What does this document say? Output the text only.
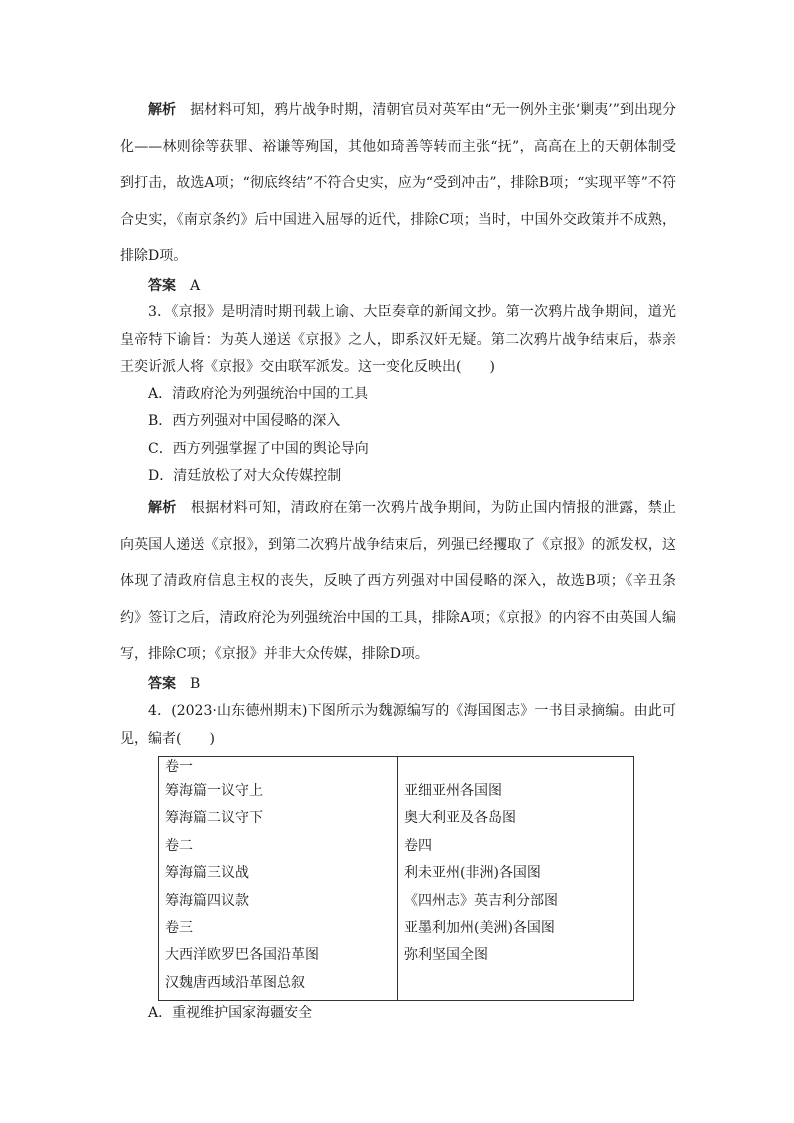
解析 据材料可知，鸦片战争时期，清朝官员对英军由“无一例外主张‘剿夷’”到出现分化——林则徐等获罪、裕谦等殉国，其他如琦善等转而主张“抚”，高高在上的天朝体制受到打击，故选A项；“彻底终结”不符合史实，应为“受到冲击”，排除B项；“实现平等”不符合史实，《南京条约》后中国进入屈辱的近代，排除C项；当时，中国外交政策并不成熟，排除D项。

答案 A

3．《京报》是明清时期刊载上谕、大臣奏章的新闻文抄。第一次鸦片战争期间，道光皇帝特下谕旨：为英人递送《京报》之人，即系汉奸无疑。第二次鸦片战争结束后，恭亲王奕䜣派人将《京报》交由联军派发。这一变化反映出(　　)

A．清政府沦为列强统治中国的工具

B．西方列强对中国侵略的深入

C．西方列强掌握了中国的舆论导向

D．清廷放松了对大众传媒控制

解析 根据材料可知，清政府在第一次鸦片战争期间，为防止国内情报的泄露，禁止向英国人递送《京报》，到第二次鸦片战争结束后，列强已经攫取了《京报》的派发权，这体现了清政府信息主权的丧失，反映了西方列强对中国侵略的深入，故选B项；《辛丑条约》签订之后，清政府沦为列强统治中国的工具，排除A项；《京报》的内容不由英国人编写，排除C项；《京报》并非大众传媒，排除D项。

答案 B

4．(2023·山东德州期末)下图所示为魏源编写的《海国图志》一书目录摘编。由此可见，编者(　　)

卷一
筹海篇一议守上
筹海篇二议守下
卷二
筹海篇三议战
筹海篇四议款
卷三
大西洋欧罗巴各国沿革图
汉魏唐西域沿革图总叙

亚细亚州各国图
奥大利亚及各岛图
卷四
利未亚州(非洲)各国图
《四州志》英吉利分部图
亚墨利加州(美洲)各国图
弥利坚国全图

A．重视维护国家海疆安全
